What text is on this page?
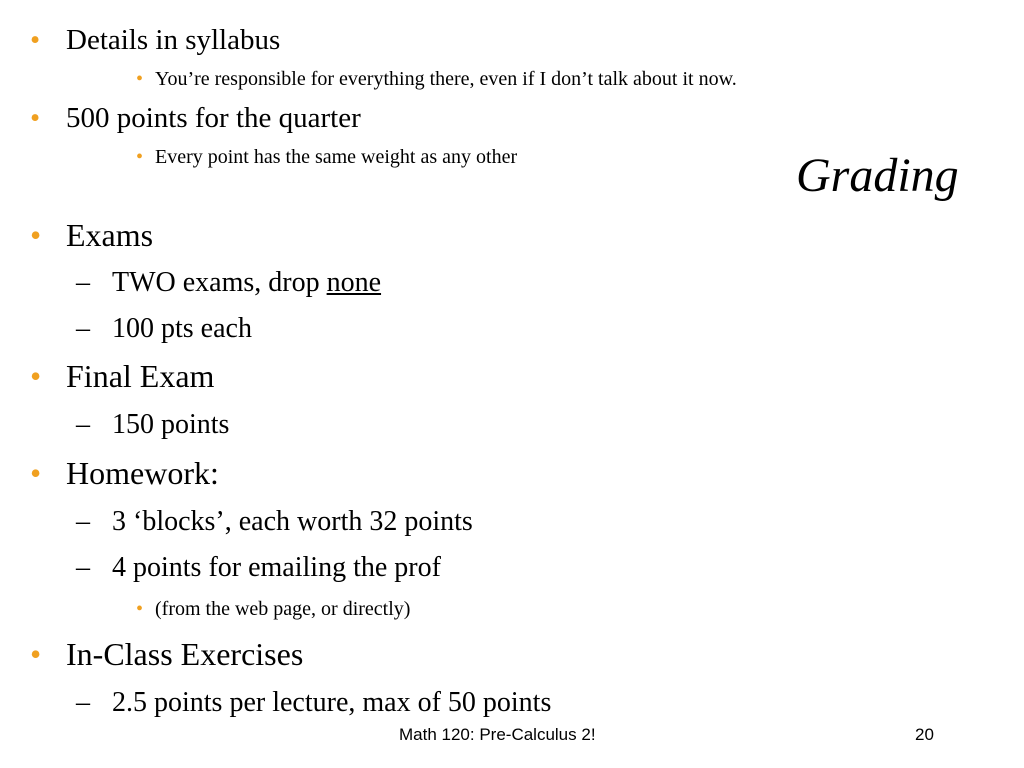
• Details in syllabus
• You’re responsible for everything there, even if I don’t talk about it now.
• 500 points for the quarter
• Every point has the same weight as any other	Grading
• Exams
– TWO exams, drop none
– 100 pts each
• Final Exam
– 150 points
• Homework:
– 3 ‘blocks’, each worth 32 points
– 4 points for emailing the prof
• (from the web page, or directly)
• In-Class Exercises
– 2.5 points per lecture, max of 50 points
Math 120: Pre-Calculus 2!	20
